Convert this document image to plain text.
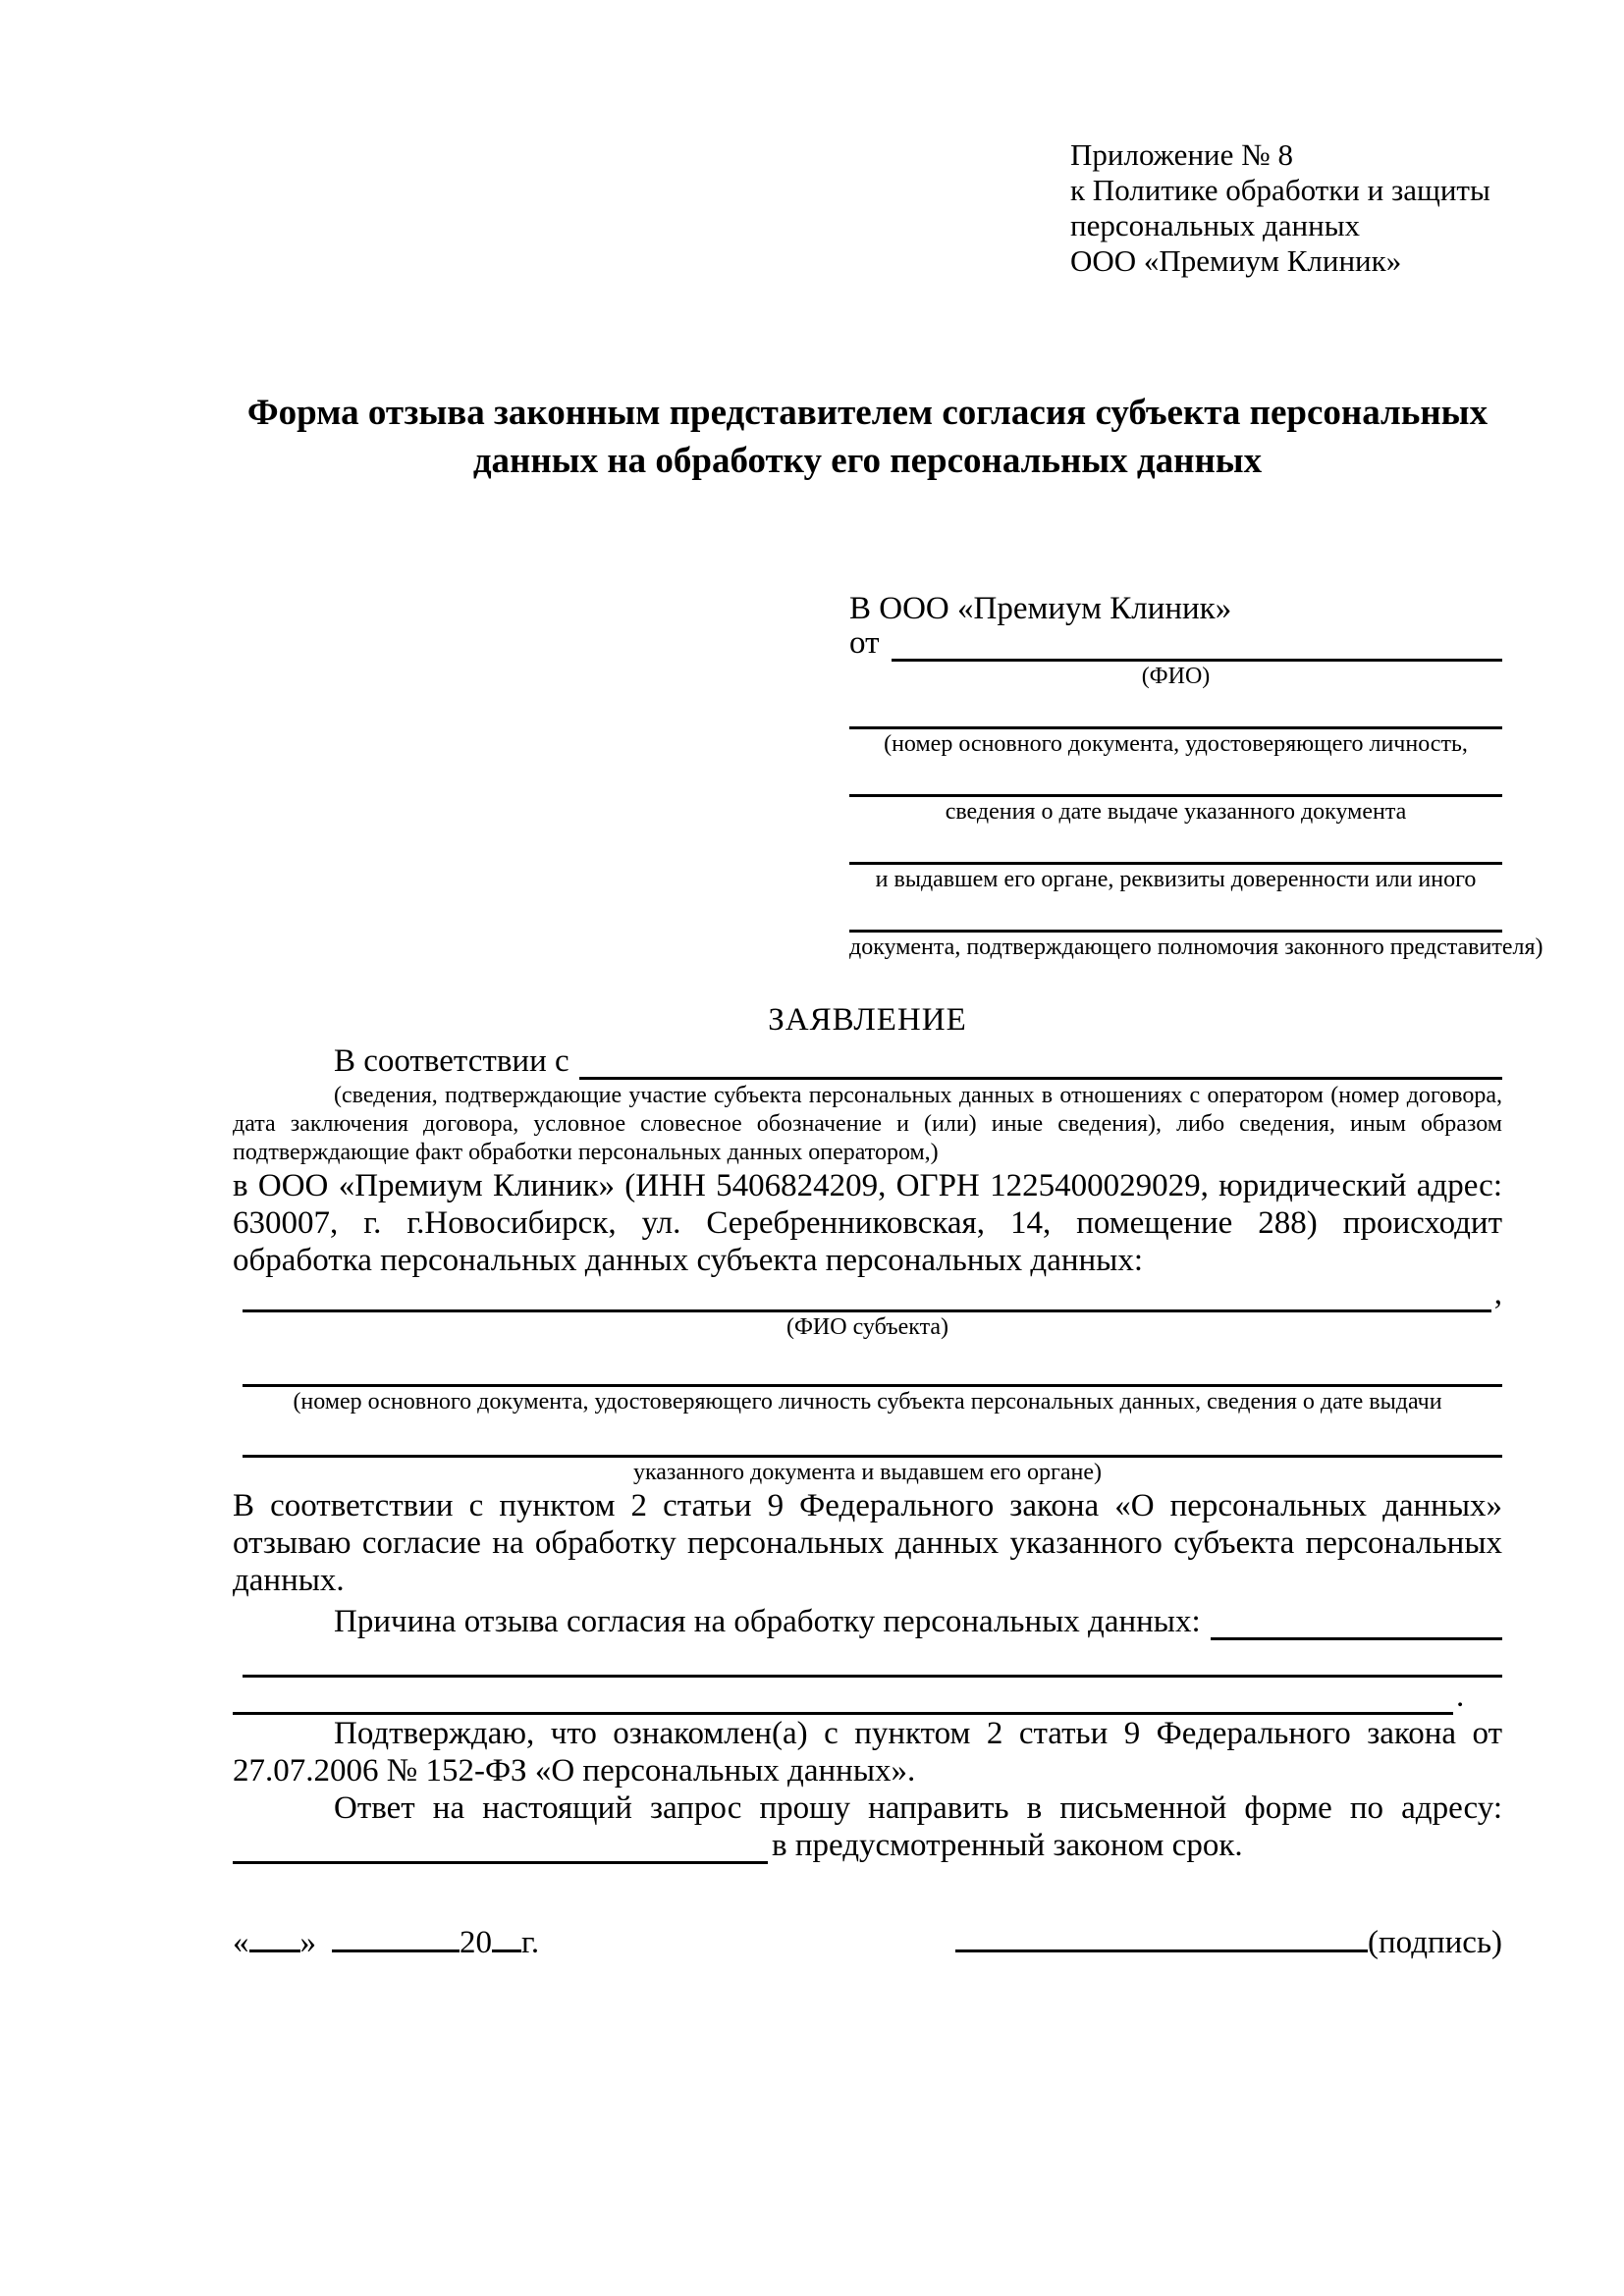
Приложение № 8
к Политике обработки и защиты
персональных данных
ООО «Премиум Клиник»
Форма отзыва законным представителем согласия субъекта персональных данных на обработку его персональных данных
В ООО «Премиум Клиник»
от
(ФИО)
(номер основного документа, удостоверяющего личность,
сведения о дате выдаче указанного документа
и выдавшем его органе, реквизиты доверенности или иного
документа, подтверждающего полномочия законного представителя)
ЗАЯВЛЕНИЕ
В соответствии с

(сведения, подтверждающие участие субъекта персональных данных в отношениях с оператором (номер договора, дата заключения договора, условное словесное обозначение и (или) иные сведения), либо сведения, иным образом подтверждающие факт обработки персональных данных оператором,)

в ООО «Премиум Клиник» (ИНН 5406824209, ОГРН 1225400029029, юридический адрес: 630007, г. г.Новосибирск, ул. Серебренниковская, 14, помещение 288) происходит обработка персональных данных субъекта персональных данных:

,
(ФИО субъекта)
(номер основного документа, удостоверяющего личность субъекта персональных данных, сведения о дате выдачи
указанного документа и выдавшем его органе)

В соответствии с пунктом 2 статьи 9 Федерального закона «О персональных данных» отзываю согласие на обработку персональных данных указанного субъекта персональных данных.

Причина отзыва согласия на обработку персональных данных:
.

Подтверждаю, что ознакомлен(а) с пунктом 2 статьи 9 Федерального закона от 27.07.2006 № 152-ФЗ «О персональных данных».

Ответ на настоящий запрос прошу направить в письменной форме по адресу:

в предусмотренный законом срок.
« »	20 г.	(подпись)
